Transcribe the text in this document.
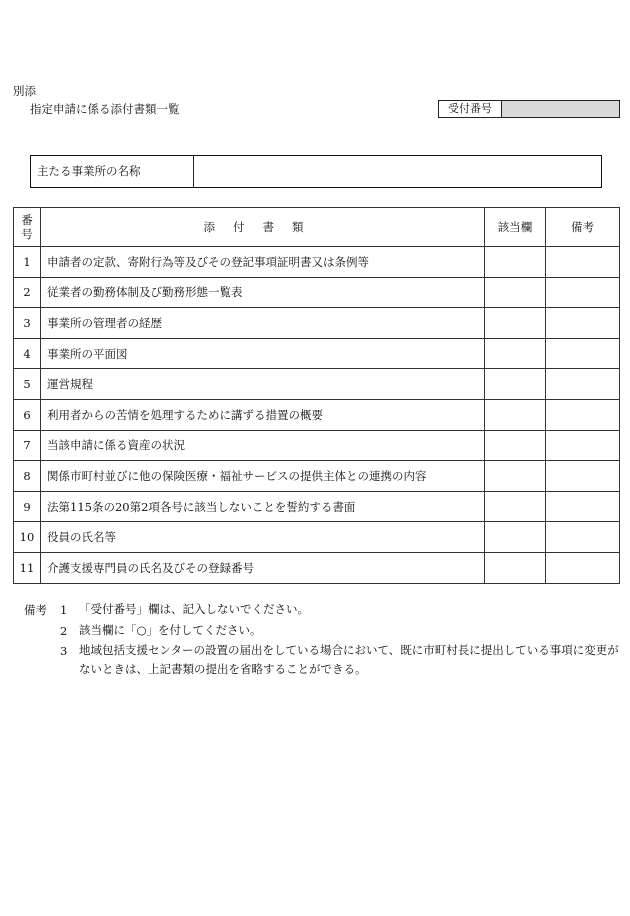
別添
指定申請に係る添付書類一覧	受付番号
主たる事業所の名称
番
号	添付書類	該当欄	備考
1	申請者の定款、寄附行為等及びその登記事項証明書又は条例等		
2	従業者の勤務体制及び勤務形態一覧表		
3	事業所の管理者の経歴		
4	事業所の平面図		
5	運営規程		
6	利用者からの苦情を処理するために講ずる措置の概要		
7	当該申請に係る資産の状況		
8	関係市町村並びに他の保険医療・福祉サービスの提供主体との連携の内容		
9	法第115条の20第2項各号に該当しないことを誓約する書面		
10	役員の氏名等		
11	介護支援専門員の氏名及びその登録番号		
備考 1 「受付番号」欄は、記入しないでください。
2 該当欄に「○」を付してください。
3 地域包括支援センターの設置の届出をしている場合において、既に市町村長に提出している事項に変更がないときは、上記書類の提出を省略することができる。
